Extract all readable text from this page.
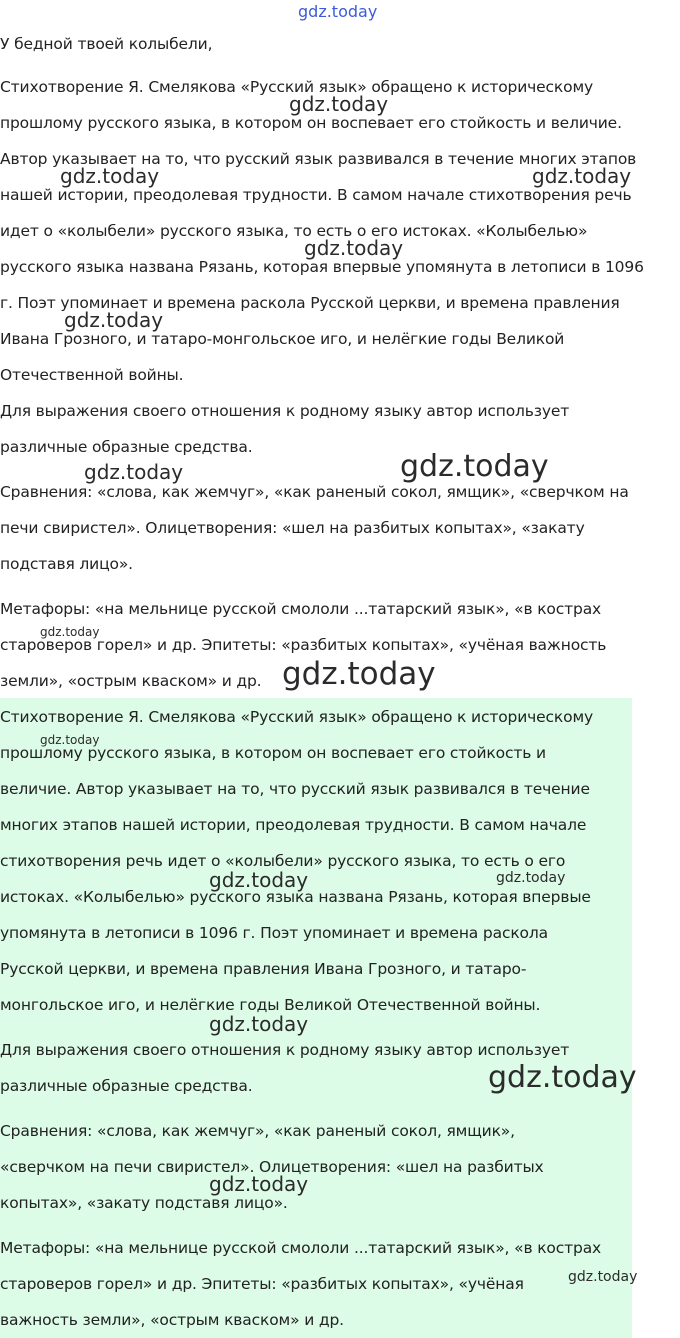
gdz.today

У бедной твоей колыбели,

Стихотворение Я. Смелякова «Русский язык» обращено к историческому

прошлому русского языка, в котором он воспевает его стойкость и величие.

Автор указывает на то, что русский язык развивался в течение многих этапов

нашей истории, преодолевая трудности. В самом начале стихотворения речь

идет о «колыбели» русского языка, то есть о его истоках. «Колыбелью»

русского языка названа Рязань, которая впервые упомянута в летописи в 1096

г. Поэт упоминает и времена раскола Русской церкви, и времена правления

Ивана Грозного, и татаро-монгольское иго, и нелёгкие годы Великой

Отечественной войны.

Для выражения своего отношения к родному языку автор использует

различные образные средства.

Сравнения: «слова, как жемчуг», «как раненый сокол, ямщик», «сверчком на

печи свиристел». Олицетворения: «шел на разбитых копытах», «закату

подставя лицо».

Метафоры: «на мельнице русской смололи ...татарский язык», «в кострах

староверов горел» и др. Эпитеты: «разбитых копытах», «учёная важность

земли», «острым кваском» и др.

Стихотворение Я. Смелякова «Русский язык» обращено к историческому

прошлому русского языка, в котором он воспевает его стойкость и

величие. Автор указывает на то, что русский язык развивался в течение

многих этапов нашей истории, преодолевая трудности. В самом начале

стихотворения речь идет о «колыбели» русского языка, то есть о его

истоках. «Колыбелью» русского языка названа Рязань, которая впервые

упомянута в летописи в 1096 г. Поэт упоминает и времена раскола

Русской церкви, и времена правления Ивана Грозного, и татаро-

монгольское иго, и нелёгкие годы Великой Отечественной войны.

Для выражения своего отношения к родному языку автор использует

различные образные средства.

Сравнения: «слова, как жемчуг», «как раненый сокол, ямщик»,

«сверчком на печи свиристел». Олицетворения: «шел на разбитых

копытах», «закату подставя лицо».

Метафоры: «на мельнице русской смололи ...татарский язык», «в кострах

староверов горел» и др. Эпитеты: «разбитых копытах», «учёная

важность земли», «острым кваском» и др.

gdz.today
gdz.today	gdz.today
gdz.today
gdz.today
gdz.today	gdz.today
gdz.today
gdz.today
gdz.today
gdz.today	gdz.today
gdz.today
gdz.today
gdz.today
gdz.today
